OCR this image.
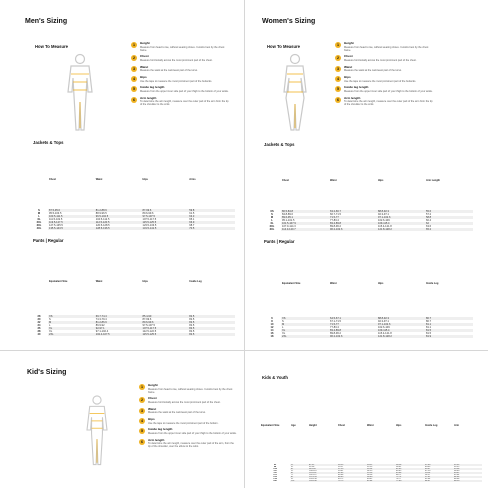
Men's Sizing
How To Measure	1	Height
Measure from head to toe, without wearing shoes. It works best by the chest frame.
2	Chest
Measure horizontally across the most prominent part of the chest.
3	Waist
Measure the waist at the narrowest part of the torso.
4	Hips
Use the tape to measure the most prominent part of the buttocks.
5	Inside leg length
Measure from the upper inner side part of your thigh to the bottom of your ankle.
6	Arm length
To determine the arm length, measure over the outer part of the arm from the tip of the shoulder to the wrist.
Jackets & Tops
	Chest	Waist	Hips	Arms
S	87.5-95.6	81.2-88.9	87-99.6	59.8
M	95.5-103.5	88.9-96.5	89.6-99.6	61.5
L	103.5-111.5	96.5-104.5	97.5-107.5	63.3
XL	111.5-119.5	104.5-112.5	107.5-117.5	65.1
2XL	119.5-127.5	112.5-120.5	115.5-125.5	66.9
3XL	127.5-135.5	120.5-128.5	123.5-133.5	68.7
4XL	135.5-143.5	128.5-136.5	131.5-141.5	70.5
Pants | Regular
	Equivalent Size	Waist	Hips	Inside Leg
28	XS	69.7-74.4	85.4-90	82.5
30	S	74.3-79.4	87-99.6	82.5
32	M	81.2-86.9	89.6-99.6	82.5
34	L	86.9-92	97.5-107.5	82.5
36	XL	92-97.1	107.5-117.5	82.5
38	XL	97.1-102.4	112.5-122.5	82.5
40	2XL	102.4-107.5	115.5-125.5	82.5
Women's Sizing
How To Measure	1	Height
Measure from head to toe, without wearing shoes. It works best by the chest frame.
2	Chest
Measure horizontally across the most prominent part of the chest.
3	Waist
Measure the waist at the narrowest part of the torso.
4	Hips
Use the tape to measure the most prominent part of the buttocks.
5	Inside leg length
Measure from the upper inner side part of your thigh to the bottom of your ankle.
6	Arm length
To determine the arm length, measure over the outer part of the arm from the tip of the shoulder to the wrist.
Jackets & Tops
	Chest	Waist	Hips	Arm Length
XS	80.5-84.8	63.2-66.7	88.8-92.3	55.6
S	84.8-89.6	66.7-71.5	92.3-97.1	57.2
M	89.6-95.1	71.5-77	97.1-102.6	58.8
L	95.1-101.5	77-83.4	102.6-109	60.4
XL	101.5-107.9	83.4-89.8	109-115.4	62
2XL	107.9-114.3	89.8-96.2	115.4-121.8	63.6
3XL	114.3-120.7	96.2-102.6	121.8-128.2	65.2
Pants | Regular
	Equivalent Size	Waist	Hips	Inside Leg
6	XS	64.5-67.1	88.8-92.3	80.7
8	S	67.1-71.5	92.3-97.1	80.7
10	M	71.5-77	97.1-102.6	81.1
12	L	77-83.4	102.6-109	81.1
14	XL	83.4-89.8	109-115.4	81.5
16	XL	89.8-96.2	115.4-121.8	81.5
18	2XL	96.2-102.6	121.8-128.2	81.9
Kid's Sizing
1	Height
Measure from head to toe, without wearing shoes. It works best by the chest frame.
2	Chest
Measure horizontally across the most prominent part of the chest.
3	Waist
Measure the waist at the narrowest part of the torso.
4	Hips
Use the tape to measure the most prominent part of the bottom.
5	Inside leg length
Measure from the upper inner side part of your thigh to the bottom of your ankle.
6	Arm length
To determine the arm length, measure over the outer part of the arm, from the tip of the shoulder, over the elbow to the wrist.
Kids & Youth
Equivalent Size	Age	Height	Chest	Waist	Hips	Inside Leg	Arm
92	2Y	87-92	53-55	50-52	56-58	37-40	32-33
98	3Y	92-98	55-57	52-53	58-61	40-43	33-35
104	4Y	98-104	57-59	53-54	61-63	43-47	35-38
110	5Y	104-110	59-61	54-55	63-65	47-50	38-40
116	6Y	110-116	61-63	55-56	65-68	50-54	40-42
122	7Y	116-122	63-66	56-58	68-71	54-57	42-44
128	8Y	122-128	66-69	58-60	71-74	57-61	44-46
134	9Y	128-134	69-72	60-62	74-77	61-64	46-48
140	10Y	134-140	72-75	62-64	77-80	64-67	48-50
